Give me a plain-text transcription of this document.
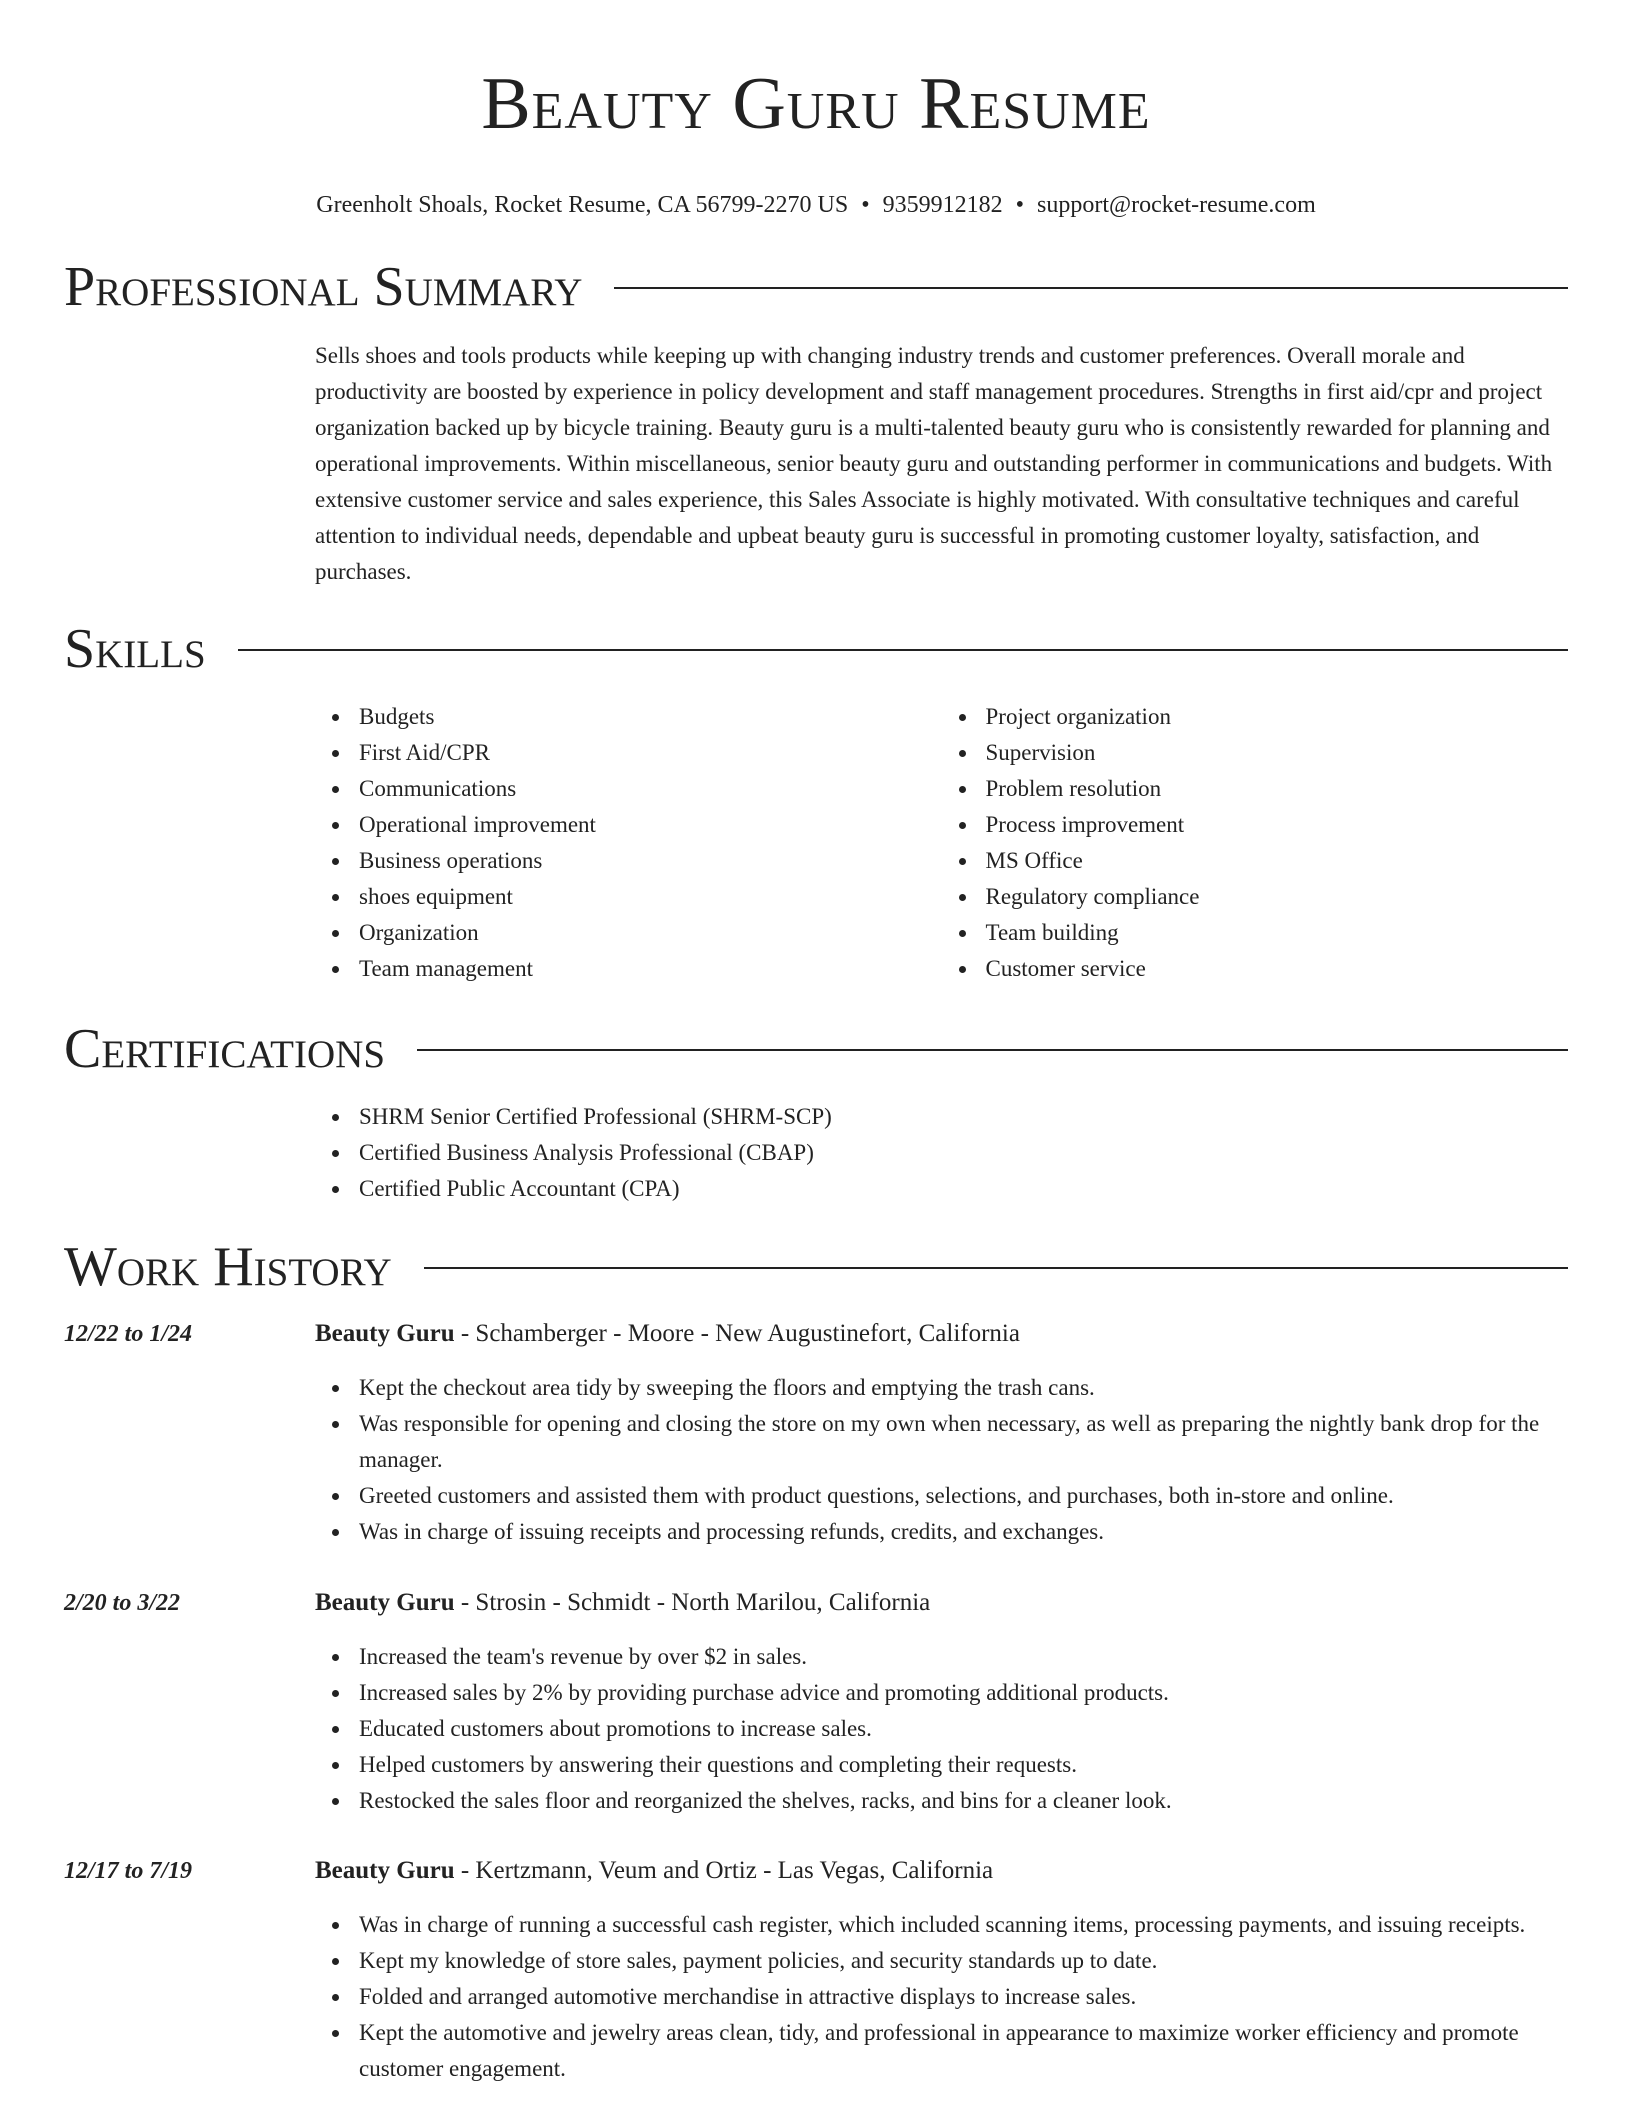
Beauty Guru Resume
Greenholt Shoals, Rocket Resume, CA 56799-2270 US • 9359912182 • support@rocket-resume.com
Professional Summary

Sells shoes and tools products while keeping up with changing industry trends and customer preferences. Overall morale and productivity are boosted by experience in policy development and staff management procedures. Strengths in first aid/cpr and project organization backed up by bicycle training. Beauty guru is a multi-talented beauty guru who is consistently rewarded for planning and operational improvements. Within miscellaneous, senior beauty guru and outstanding performer in communications and budgets. With extensive customer service and sales experience, this Sales Associate is highly motivated. With consultative techniques and careful attention to individual needs, dependable and upbeat beauty guru is successful in promoting customer loyalty, satisfaction, and purchases.

Skills
Budgets
First Aid/CPR
Communications
Operational improvement
Business operations
shoes equipment
Organization
Team management
Project organization
Supervision
Problem resolution
Process improvement
MS Office
Regulatory compliance
Team building
Customer service
Certifications
SHRM Senior Certified Professional (SHRM-SCP)
Certified Business Analysis Professional (CBAP)
Certified Public Accountant (CPA)
Work History
12/22 to 1/24	Beauty Guru - Schamberger - Moore - New Augustinefort, California
Kept the checkout area tidy by sweeping the floors and emptying the trash cans.
Was responsible for opening and closing the store on my own when necessary, as well as preparing the nightly bank drop for the manager.
Greeted customers and assisted them with product questions, selections, and purchases, both in-store and online.
Was in charge of issuing receipts and processing refunds, credits, and exchanges.
2/20 to 3/22	Beauty Guru - Strosin - Schmidt - North Marilou, California
Increased the team's revenue by over $2 in sales.
Increased sales by 2% by providing purchase advice and promoting additional products.
Educated customers about promotions to increase sales.
Helped customers by answering their questions and completing their requests.
Restocked the sales floor and reorganized the shelves, racks, and bins for a cleaner look.
12/17 to 7/19	Beauty Guru - Kertzmann, Veum and Ortiz - Las Vegas, California
Was in charge of running a successful cash register, which included scanning items, processing payments, and issuing receipts.
Kept my knowledge of store sales, payment policies, and security standards up to date.
Folded and arranged automotive merchandise in attractive displays to increase sales.
Kept the automotive and jewelry areas clean, tidy, and professional in appearance to maximize worker efficiency and promote customer engagement.
